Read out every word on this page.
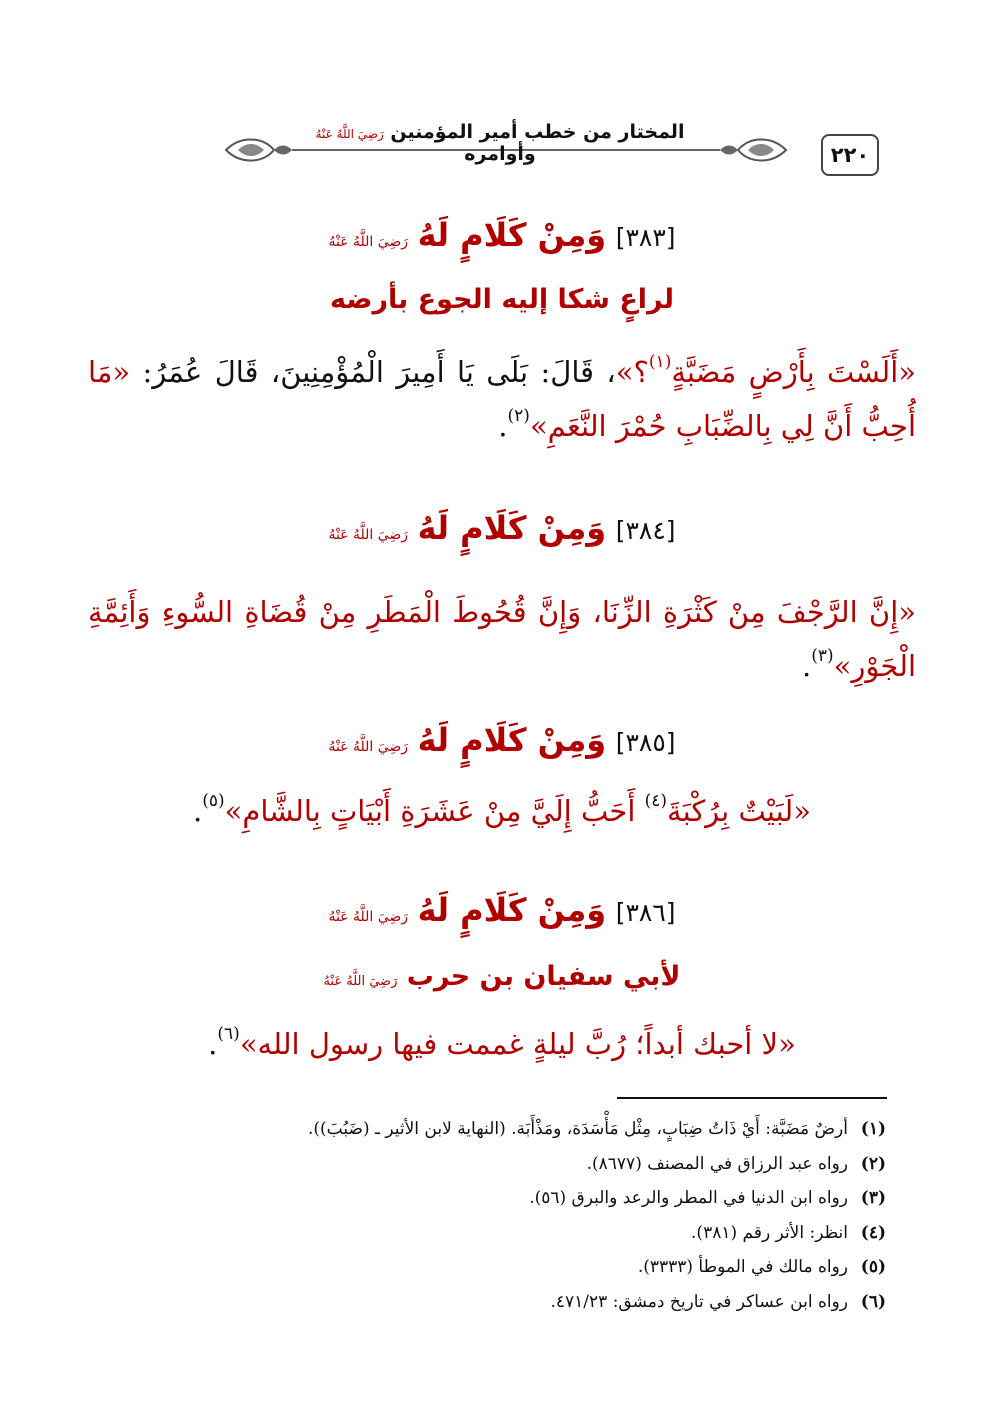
٢٢٠
المختار من خطب أمير المؤمنين رَضِيَ اللَّهُ عَنْهُ وأوامره
[٣٨٣] وَمِنْ كَلَامٍ لَهُ رَضِيَ اللَّهُ عَنْهُ
لراعٍ شكا إليه الجوع بأرضه
«أَلَسْتَ بِأَرْضٍ مَضَبَّةٍ$^{(١)}$؟»، قَالَ: بَلَى يَا أَمِيرَ الْمُؤْمِنِينَ، قَالَ عُمَرُ: «مَا أُحِبُّ أَنَّ لِي بِالضِّبَابِ حُمْرَ النَّعَمِ»$^{(٢)}$.
[٣٨٤] وَمِنْ كَلَامٍ لَهُ رَضِيَ اللَّهُ عَنْهُ
«إِنَّ الرَّجْفَ مِنْ كَثْرَةِ الزِّنَا، وَإِنَّ قُحُوطَ الْمَطَرِ مِنْ قُضَاةِ السُّوءِ وَأَئِمَّةِ الْجَوْرِ»$^{(٣)}$.
[٣٨٥] وَمِنْ كَلَامٍ لَهُ رَضِيَ اللَّهُ عَنْهُ
«لَبَيْتٌ بِرُكْبَةَ$^{(٤)}$ أَحَبُّ إِلَيَّ مِنْ عَشَرَةِ أَبْيَاتٍ بِالشَّامِ»$^{(٥)}$.
[٣٨٦] وَمِنْ كَلَامٍ لَهُ رَضِيَ اللَّهُ عَنْهُ
لأبي سفيان بن حرب رَضِيَ اللَّهُ عَنْهُ
«لا أحبك أبداً؛ رُبَّ ليلةٍ غممت فيها رسول الله»$^{(٦)}$.
(١)أرضٌ مَضَبَّة: أَيْ ذَاتُ ضِبَابٍ، مِثْل مَأْسَدَة، ومَذْأَبَة. (النهاية لابن الأثير ـ (ضَبُبَ)).
(٢)رواه عبد الرزاق في المصنف (٨٦٧٧).
(٣)رواه ابن الدنيا في المطر والرعد والبرق (٥٦).
(٤)انظر: الأثر رقم (٣٨١).
(٥)رواه مالك في الموطأ (٣٣٣٣).
(٦)رواه ابن عساكر في تاريخ دمشق: ٤٧١/٢٣.
